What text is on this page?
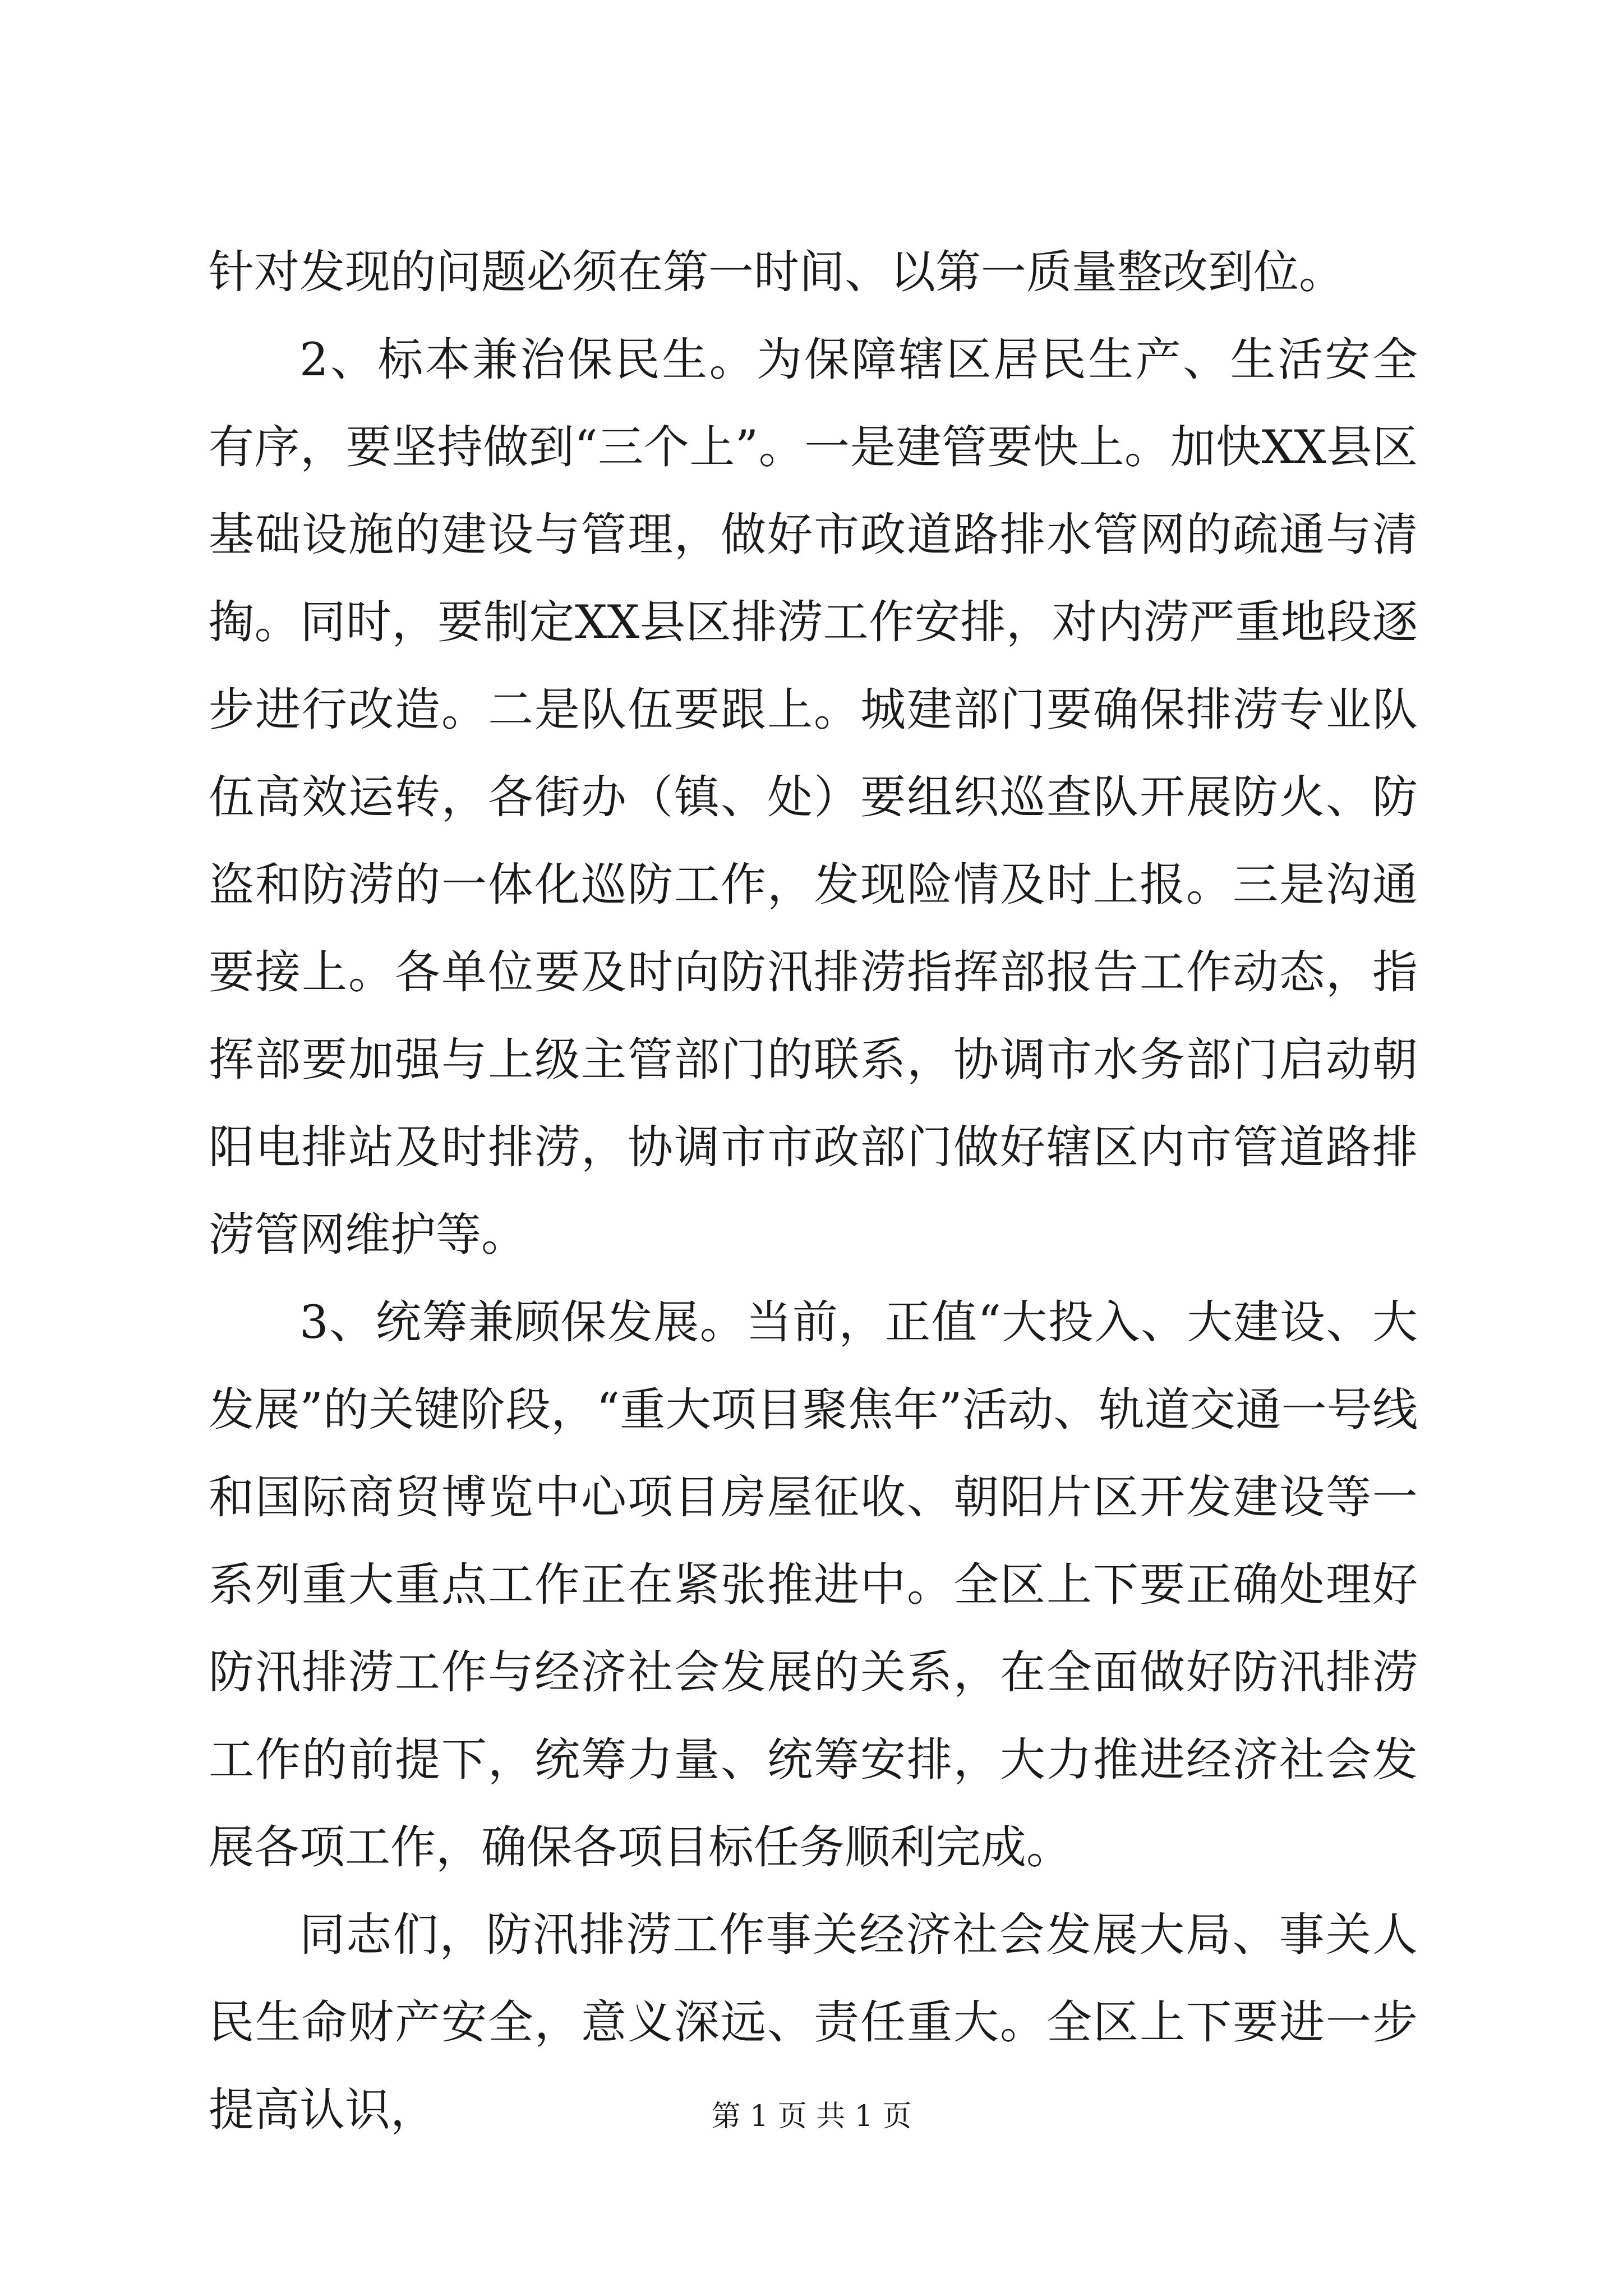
针对发现的问题必须在第一时间、以第一质量整改到位。

2、标本兼治保民生。为保障辖区居民生产、生活安全有序，要坚持做到“三个上”。一是建管要快上。加快XX县区基础设施的建设与管理，做好市政道路排水管网的疏通与清掏。同时，要制定XX县区排涝工作安排，对内涝严重地段逐步进行改造。二是队伍要跟上。城建部门要确保排涝专业队伍高效运转，各街办（镇、处）要组织巡查队开展防火、防盗和防涝的一体化巡防工作，发现险情及时上报。三是沟通要接上。各单位要及时向防汛排涝指挥部报告工作动态，指挥部要加强与上级主管部门的联系，协调市水务部门启动朝阳电排站及时排涝，协调市市政部门做好辖区内市管道路排涝管网维护等。

3、统筹兼顾保发展。当前，正值“大投入、大建设、大发展”的关键阶段，“重大项目聚焦年”活动、轨道交通一号线和国际商贸博览中心项目房屋征收、朝阳片区开发建设等一系列重大重点工作正在紧张推进中。全区上下要正确处理好防汛排涝工作与经济社会发展的关系，在全面做好防汛排涝工作的前提下，统筹力量、统筹安排，大力推进经济社会发展各项工作，确保各项目标任务顺利完成。

同志们，防汛排涝工作事关经济社会发展大局、事关人民生命财产安全，意义深远、责任重大。全区上下要进一步提高认识，	第 1 页 共 1 页
